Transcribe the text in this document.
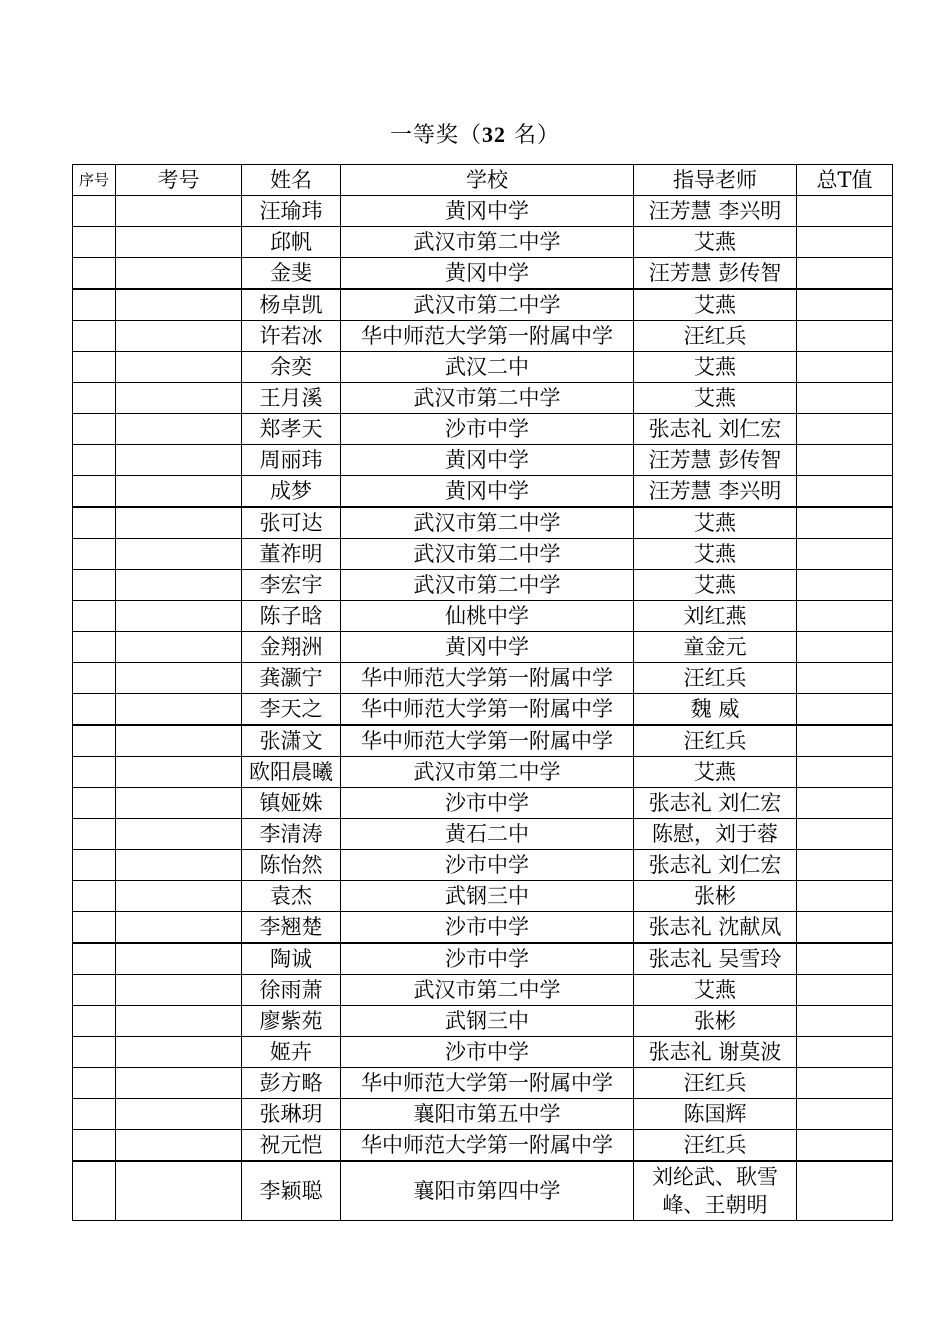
一等奖（32 名）
序号	考号	姓名	学校	指导老师	总T值
		汪瑜玮	黄冈中学	汪芳慧 李兴明	
		邱帆	武汉市第二中学	艾燕	
		金斐	黄冈中学	汪芳慧 彭传智	
		杨卓凯	武汉市第二中学	艾燕	
		许若冰	华中师范大学第一附属中学	汪红兵	
		余奕	武汉二中	艾燕	
		王月溪	武汉市第二中学	艾燕	
		郑孝天	沙市中学	张志礼 刘仁宏	
		周丽玮	黄冈中学	汪芳慧 彭传智	
		成梦	黄冈中学	汪芳慧 李兴明	
		张可达	武汉市第二中学	艾燕	
		董祚明	武汉市第二中学	艾燕	
		李宏宇	武汉市第二中学	艾燕	
		陈子晗	仙桃中学	刘红燕	
		金翔洲	黄冈中学	童金元	
		龚灏宁	华中师范大学第一附属中学	汪红兵	
		李天之	华中师范大学第一附属中学	魏 威	
		张潇文	华中师范大学第一附属中学	汪红兵	
		欧阳晨曦	武汉市第二中学	艾燕	
		镇娅姝	沙市中学	张志礼 刘仁宏	
		李清涛	黄石二中	陈慰，刘于蓉	
		陈怡然	沙市中学	张志礼 刘仁宏	
		袁杰	武钢三中	张彬	
		李翘楚	沙市中学	张志礼 沈献凤	
		陶诚	沙市中学	张志礼 吴雪玲	
		徐雨萧	武汉市第二中学	艾燕	
		廖紫苑	武钢三中	张彬	
		姬卉	沙市中学	张志礼 谢莫波	
		彭方略	华中师范大学第一附属中学	汪红兵	
		张琳玥	襄阳市第五中学	陈国辉	
		祝元恺	华中师范大学第一附属中学	汪红兵	
		李颖聪	襄阳市第四中学	刘纶武、耿雪峰、王朝明	
